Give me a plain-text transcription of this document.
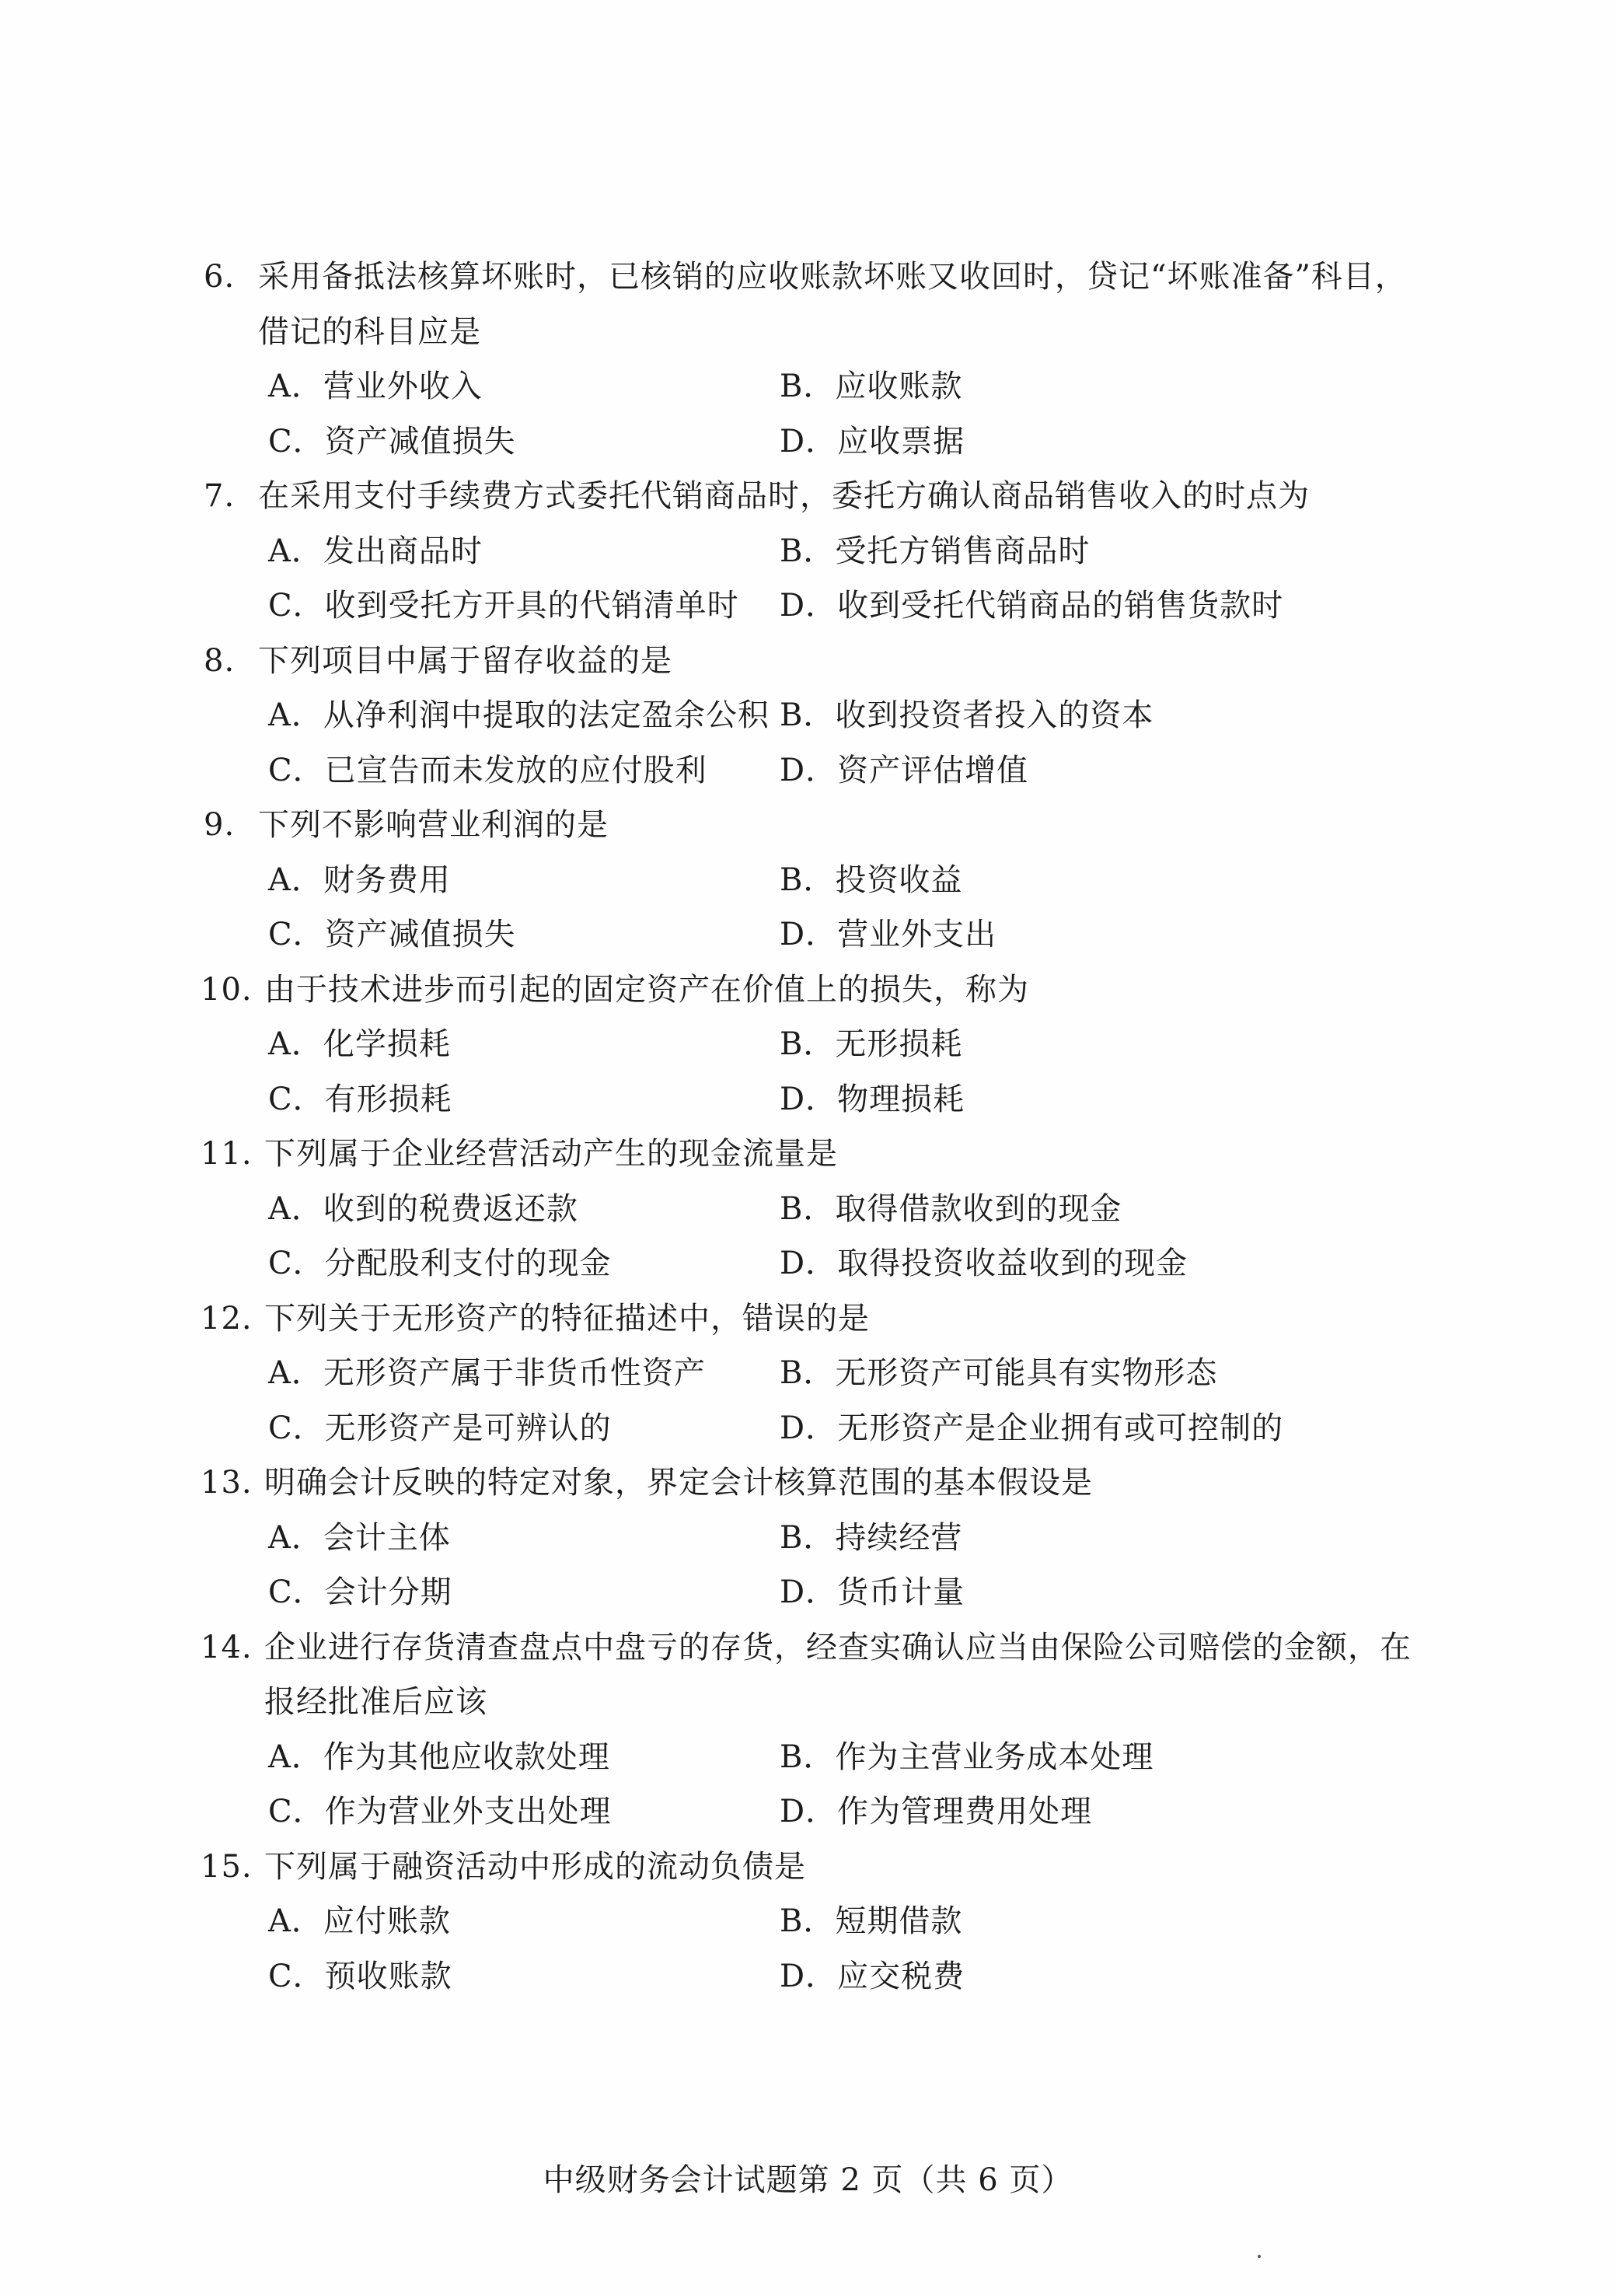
6. 采用备抵法核算坏账时，已核销的应收账款坏账又收回时，贷记“坏账准备”科目，
借记的科目应是
A．营业外收入	B．应收账款
C．资产减值损失	D．应收票据
7. 在采用支付手续费方式委托代销商品时，委托方确认商品销售收入的时点为
A．发出商品时	B．受托方销售商品时
C．收到受托方开具的代销清单时 D．收到受托代销商品的销售货款时
8. 下列项目中属于留存收益的是
A．从净利润中提取的法定盈余公积 B．收到投资者投入的资本
C．已宣告而未发放的应付股利 D．资产评估增值
9. 下列不影响营业利润的是
A．财务费用	B．投资收益
C．资产减值损失	D．营业外支出
10. 由于技术进步而引起的固定资产在价值上的损失，称为
A．化学损耗	B．无形损耗
C．有形损耗	D．物理损耗
11. 下列属于企业经营活动产生的现金流量是
A．收到的税费返还款	B．取得借款收到的现金
C．分配股利支付的现金	D．取得投资收益收到的现金
12. 下列关于无形资产的特征描述中，错误的是
A．无形资产属于非货币性资产 B．无形资产可能具有实物形态
C．无形资产是可辨认的	D．无形资产是企业拥有或可控制的
13. 明确会计反映的特定对象，界定会计核算范围的基本假设是
A．会计主体	B．持续经营
C．会计分期	D．货币计量
14. 企业进行存货清查盘点中盘亏的存货，经查实确认应当由保险公司赔偿的金额，在
报经批准后应该
A．作为其他应收款处理	B．作为主营业务成本处理
C．作为营业外支出处理	D．作为管理费用处理
15. 下列属于融资活动中形成的流动负债是
A．应付账款	B．短期借款
C．预收账款	D．应交税费
中级财务会计试题第 2 页（共 6 页）
